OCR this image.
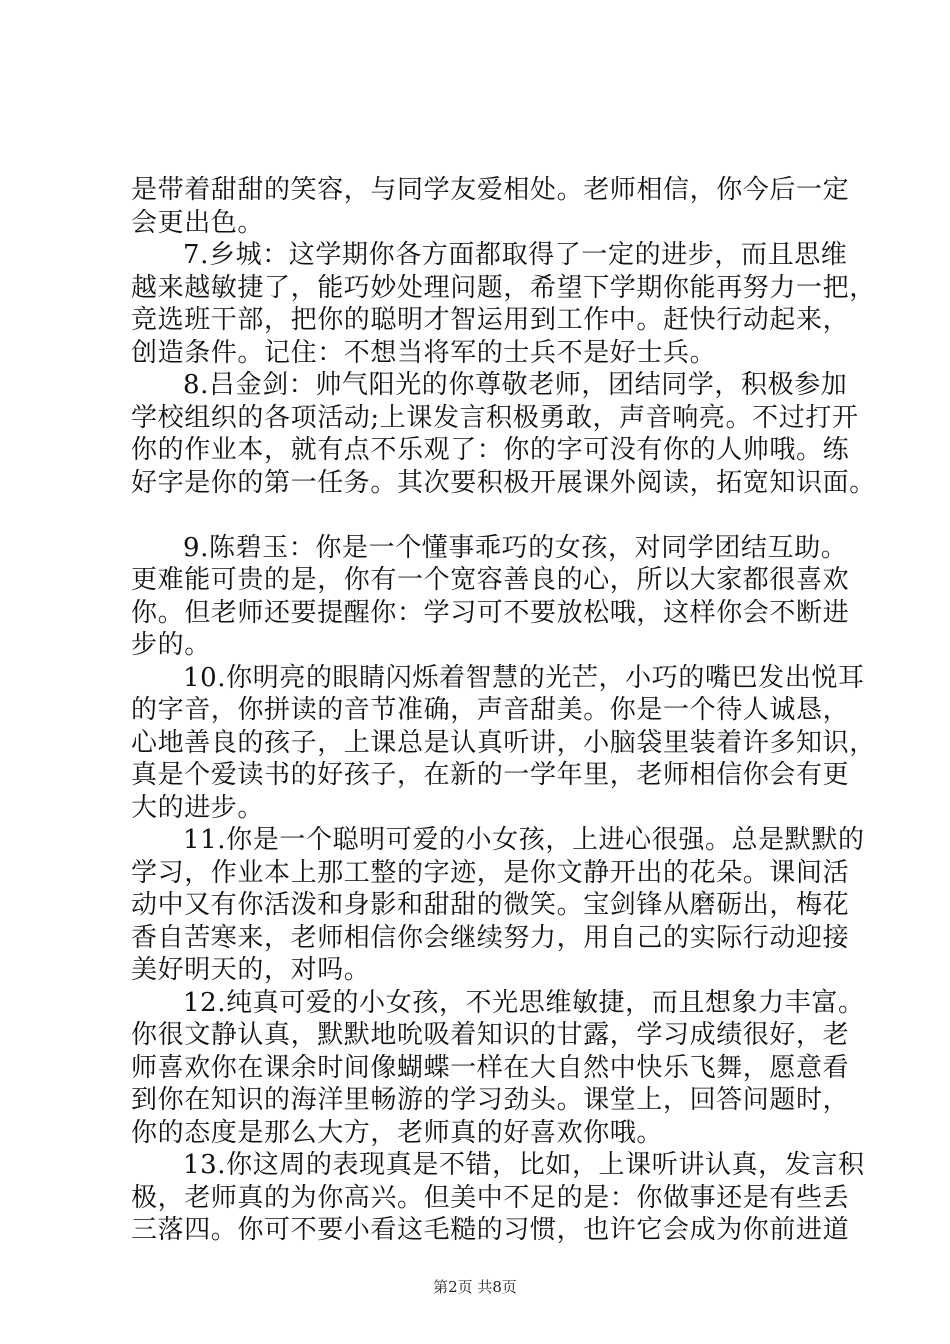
是带着甜甜的笑容，与同学友爱相处。老师相信，你今后一定
会更出色。
7.乡城：这学期你各方面都取得了一定的进步，而且思维
越来越敏捷了，能巧妙处理问题，希望下学期你能再努力一把，
竞选班干部，把你的聪明才智运用到工作中。赶快行动起来，
创造条件。记住：不想当将军的士兵不是好士兵。
8.吕金剑：帅气阳光的你尊敬老师，团结同学，积极参加
学校组织的各项活动;上课发言积极勇敢，声音响亮。不过打开
你的作业本，就有点不乐观了：你的字可没有你的人帅哦。练
好字是你的第一任务。其次要积极开展课外阅读，拓宽知识面。
9.陈碧玉：你是一个懂事乖巧的女孩，对同学团结互助。
更难能可贵的是，你有一个宽容善良的心，所以大家都很喜欢
你。但老师还要提醒你：学习可不要放松哦，这样你会不断进
步的。
10.你明亮的眼睛闪烁着智慧的光芒，小巧的嘴巴发出悦耳
的字音，你拼读的音节准确，声音甜美。你是一个待人诚恳，
心地善良的孩子，上课总是认真听讲，小脑袋里装着许多知识，
真是个爱读书的好孩子，在新的一学年里，老师相信你会有更
大的进步。
11.你是一个聪明可爱的小女孩，上进心很强。总是默默的
学习，作业本上那工整的字迹，是你文静开出的花朵。课间活
动中又有你活泼和身影和甜甜的微笑。宝剑锋从磨砺出，梅花
香自苦寒来，老师相信你会继续努力，用自己的实际行动迎接
美好明天的，对吗。
12.纯真可爱的小女孩，不光思维敏捷，而且想象力丰富。
你很文静认真，默默地吮吸着知识的甘露，学习成绩很好，老
师喜欢你在课余时间像蝴蝶一样在大自然中快乐飞舞，愿意看
到你在知识的海洋里畅游的学习劲头。课堂上，回答问题时，
你的态度是那么大方，老师真的好喜欢你哦。
13.你这周的表现真是不错，比如，上课听讲认真，发言积
极，老师真的为你高兴。但美中不足的是：你做事还是有些丢
三落四。你可不要小看这毛糙的习惯，也许它会成为你前进道
第2页 共8页
